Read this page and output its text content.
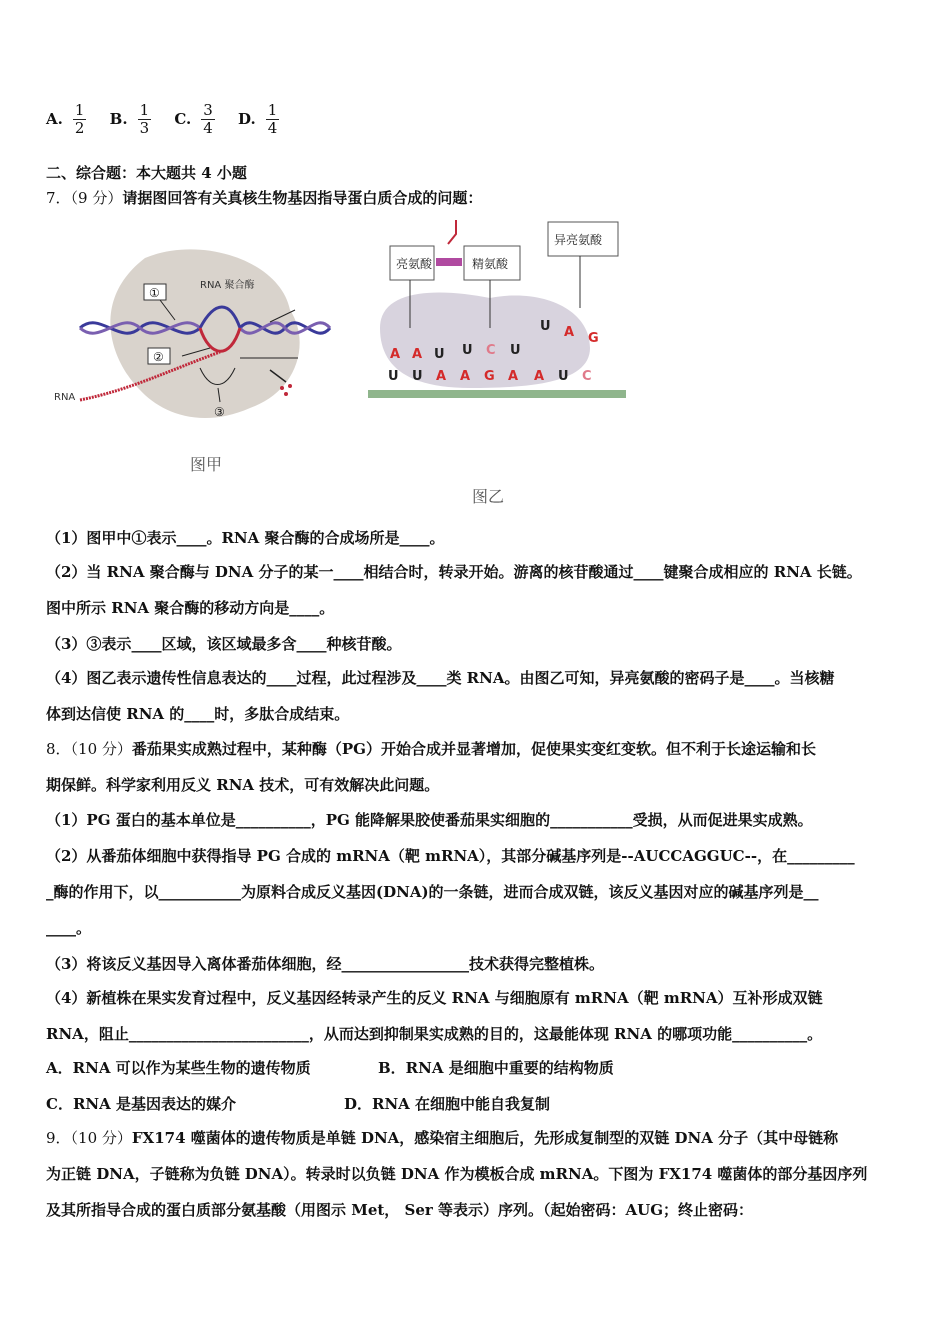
A. $\frac{1}{2} B$. $\frac{1}{3} C$. $\frac{3}{4} D$. $\frac{1}{4}$
二、综合题：本大题共 4 小题
7．（9 分）请据图回答有关真核生物基因指导蛋白质合成的问题：
RNA 聚合酶
RNA
①
②
③
图甲
亮氨酸	精氨酸
异亮氨酸
A A U U C U
U A G
U U A A G A A U C
图乙
（1）图甲中①表示____。RNA 聚合酶的合成场所是____。
（2）当 RNA 聚合酶与 DNA 分子的某一____相结合时，转录开始。游离的核苷酸通过____键聚合成相应的 RNA 长链。
图中所示 RNA 聚合酶的移动方向是____。
（3）③表示____区域，该区域最多含____种核苷酸。
（4）图乙表示遗传性信息表达的____过程，此过程涉及____类 RNA。由图乙可知，异亮氨酸的密码子是____。当核糖
体到达信使 RNA 的____时，多肽合成结束。
8．（10 分）番茄果实成熟过程中，某种酶（PG）开始合成并显著增加，促使果实变红变软。但不利于长途运输和长
期保鲜。科学家利用反义 RNA 技术，可有效解决此问题。
（1）PG 蛋白的基本单位是__________，PG 能降解果胶使番茄果实细胞的___________受损，从而促进果实成熟。
（2）从番茄体细胞中获得指导 PG 合成的 mRNA（靶 mRNA），其部分碱基序列是--AUCCAGGUC--，在_________
_酶的作用下，以___________为原料合成反义基因(DNA)的一条链，进而合成双链，该反义基因对应的碱基序列是__
____。
（3）将该反义基因导入离体番茄体细胞，经_________________技术获得完整植株。
（4）新植株在果实发育过程中，反义基因经转录产生的反义 RNA 与细胞原有 mRNA（靶 mRNA）互补形成双链
RNA，阻止________________________，从而达到抑制果实成熟的目的，这最能体现 RNA 的哪项功能__________。
A．RNA 可以作为某些生物的遗传物质	B．RNA 是细胞中重要的结构物质
C．RNA 是基因表达的媒介	D．RNA 在细胞中能自我复制
9．（10 分）FX174 噬菌体的遗传物质是单链 DNA，感染宿主细胞后，先形成复制型的双链 DNA 分子（其中母链称
为正链 DNA，子链称为负链 DNA）。转录时以负链 DNA 作为模板合成 mRNA。下图为 FX174 噬菌体的部分基因序列
及其所指导合成的蛋白质部分氨基酸（用图示 Met， Ser 等表示）序列。（起始密码：AUG；终止密码：
